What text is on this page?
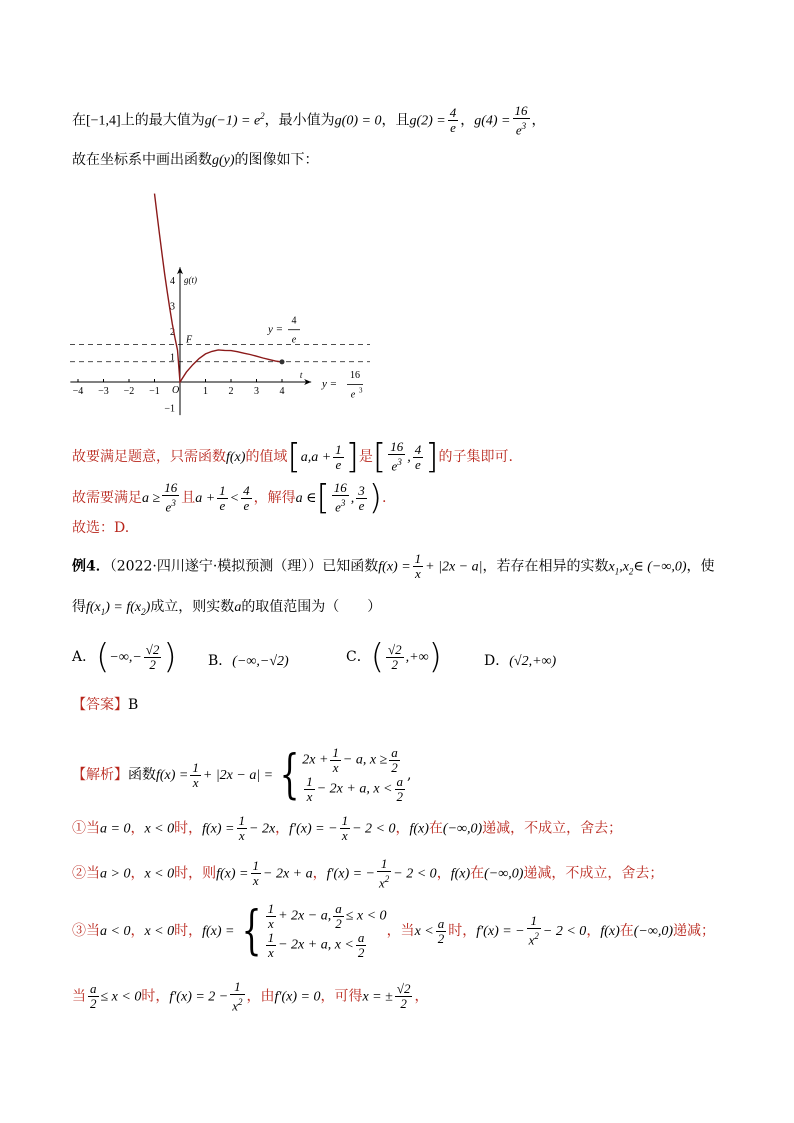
在[−1,4]上的最大值为$g(-1) = e^2$，最小值为g(0) = 0，且$g(2) = \frac{4}{e}$ ，$g(4) = \frac{16}{e^3}$ ，
故在坐标系中画出函数g(y)的图像如下：
−4 −3 −2 −1	1 2 3 4
4
3
2
1
−1
g(t)
t
O
F
y =
4
e
y =
16
e 3
故要满足题意，只需函数f(x)的值域[$a,a + \frac{1}{e}$ ]是[ $\frac{16}{e^3}$ , $\frac{4}{e}$ ]的子集即可.
故需要满足$a \ge \frac{16}{e^3}$ 且$a + \frac{1}{e} < \frac{4}{e}$ ，解得a ∈[ $\frac{16}{e^3}$ , $\frac{3}{e}$ ).
故选：D.
例4．（2022·四川遂宁·模拟预测（理））已知函数$f(x) = \frac{1}{x} + |2x - a|$，若存在相异的实数$x_1,x_2\in$ (−∞,0)，使
得$f(x_1) = f(x_2)$成立，则实数a的取值范围为（　　）
A．(−∞,− $\frac{√2}{2}$ ) B．(−∞,−√2)	C．( $\frac{√2}{2}$ ,+∞)	D．(√2,+∞)
【答案】B
【解析】函数$f(x) = \frac{1}{x} + |2x - a|$ = { $2x + \frac{1}{x} - a$, $x \ge \frac{a}{2}$
$\frac{1}{x} - 2x + a$, $x < \frac{a}{2}$ ,
①当a = 0，x < 0时，$f(x) = \frac{1}{x} - 2x$，f′(x) = − $\frac{1}{x} - 2 < 0$，f(x)在(−∞,0)递减，不成立，舍去；
②当a > 0，x < 0时，则$f(x) = \frac{1}{x} - 2x + a$，f′(x) = − $\frac{1}{x^2} - 2 < 0$，f(x)在(−∞,0)递减，不成立，舍去；
③当a < 0，x < 0时，f(x) = { $\frac{1}{x} + 2x - a$, $\frac{a}{2} \le x < 0$
$\frac{1}{x} - 2x + a$, $x < \frac{a}{2}$ ，当$x < \frac{a}{2}$ 时，f′(x) = − $\frac{1}{x^2} - 2 < 0$，f(x)在(−∞,0)递减；
当 $\frac{a}{2} \le x < 0$时，$f'(x) = 2 - \frac{1}{x^2}$ ，由f′(x) = 0，可得x = ± $\frac{√2}{2}$ ，
